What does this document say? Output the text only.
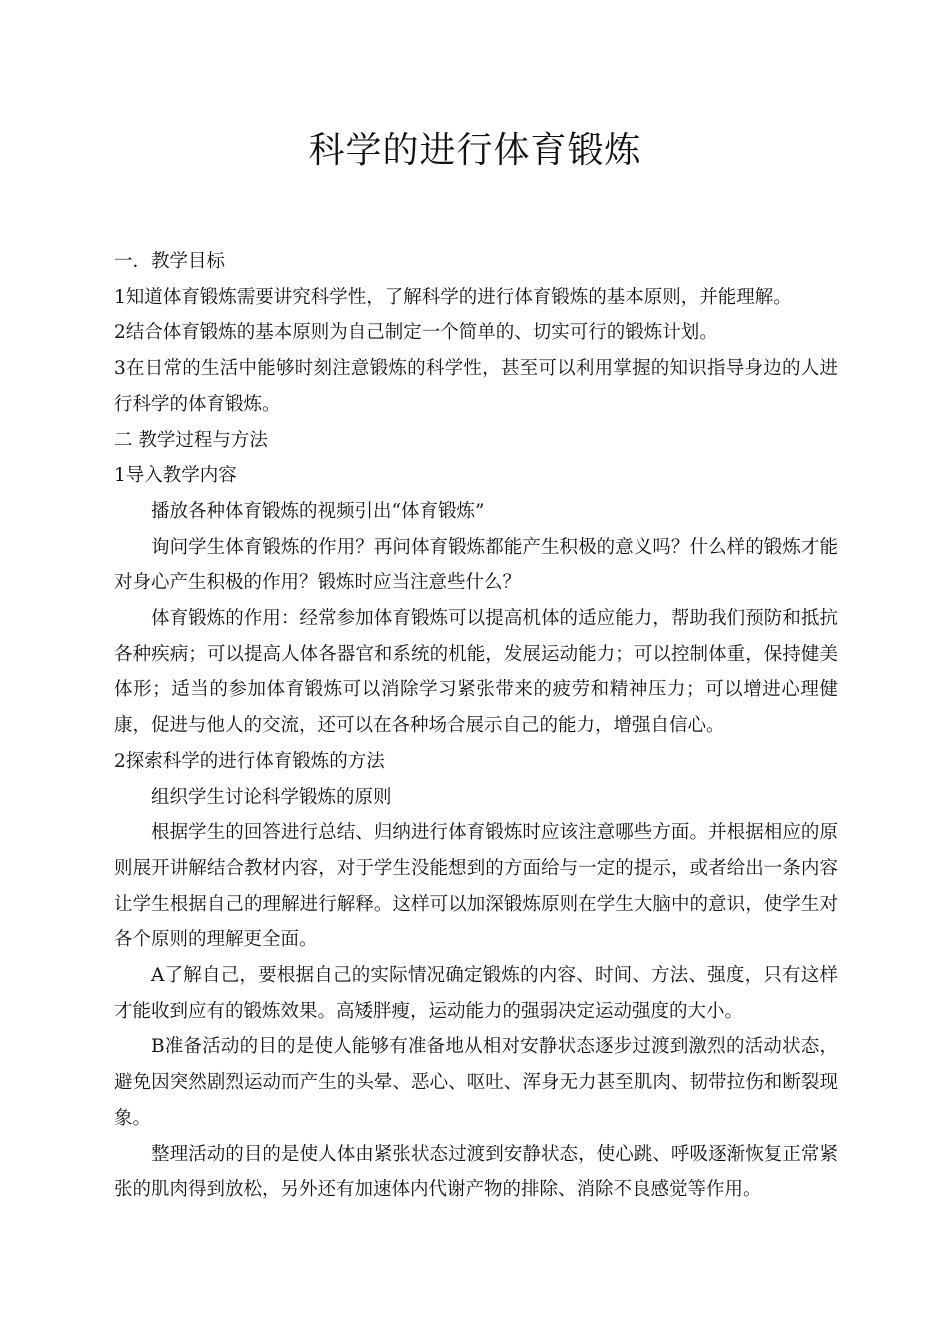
科学的进行体育锻炼

一．教学目标

1知道体育锻炼需要讲究科学性，了解科学的进行体育锻炼的基本原则，并能理解。

2结合体育锻炼的基本原则为自己制定一个简单的、切实可行的锻炼计划。

3在日常的生活中能够时刻注意锻炼的科学性，甚至可以利用掌握的知识指导身边的人进行科学的体育锻炼。

二 教学过程与方法

1导入教学内容

播放各种体育锻炼的视频引出“体育锻炼”

询问学生体育锻炼的作用？再问体育锻炼都能产生积极的意义吗？什么样的锻炼才能对身心产生积极的作用？锻炼时应当注意些什么？

体育锻炼的作用：经常参加体育锻炼可以提高机体的适应能力，帮助我们预防和抵抗各种疾病；可以提高人体各器官和系统的机能，发展运动能力；可以控制体重，保持健美体形；适当的参加体育锻炼可以消除学习紧张带来的疲劳和精神压力；可以增进心理健康，促进与他人的交流，还可以在各种场合展示自己的能力，增强自信心。

2探索科学的进行体育锻炼的方法

组织学生讨论科学锻炼的原则

根据学生的回答进行总结、归纳进行体育锻炼时应该注意哪些方面。并根据相应的原则展开讲解结合教材内容，对于学生没能想到的方面给与一定的提示，或者给出一条内容让学生根据自己的理解进行解释。这样可以加深锻炼原则在学生大脑中的意识，使学生对各个原则的理解更全面。

A了解自己，要根据自己的实际情况确定锻炼的内容、时间、方法、强度，只有这样才能收到应有的锻炼效果。高矮胖瘦，运动能力的强弱决定运动强度的大小。

B准备活动的目的是使人能够有准备地从相对安静状态逐步过渡到激烈的活动状态，避免因突然剧烈运动而产生的头晕、恶心、呕吐、浑身无力甚至肌肉、韧带拉伤和断裂现象。

整理活动的目的是使人体由紧张状态过渡到安静状态，使心跳、呼吸逐渐恢复正常紧张的肌肉得到放松，另外还有加速体内代谢产物的排除、消除不良感觉等作用。
